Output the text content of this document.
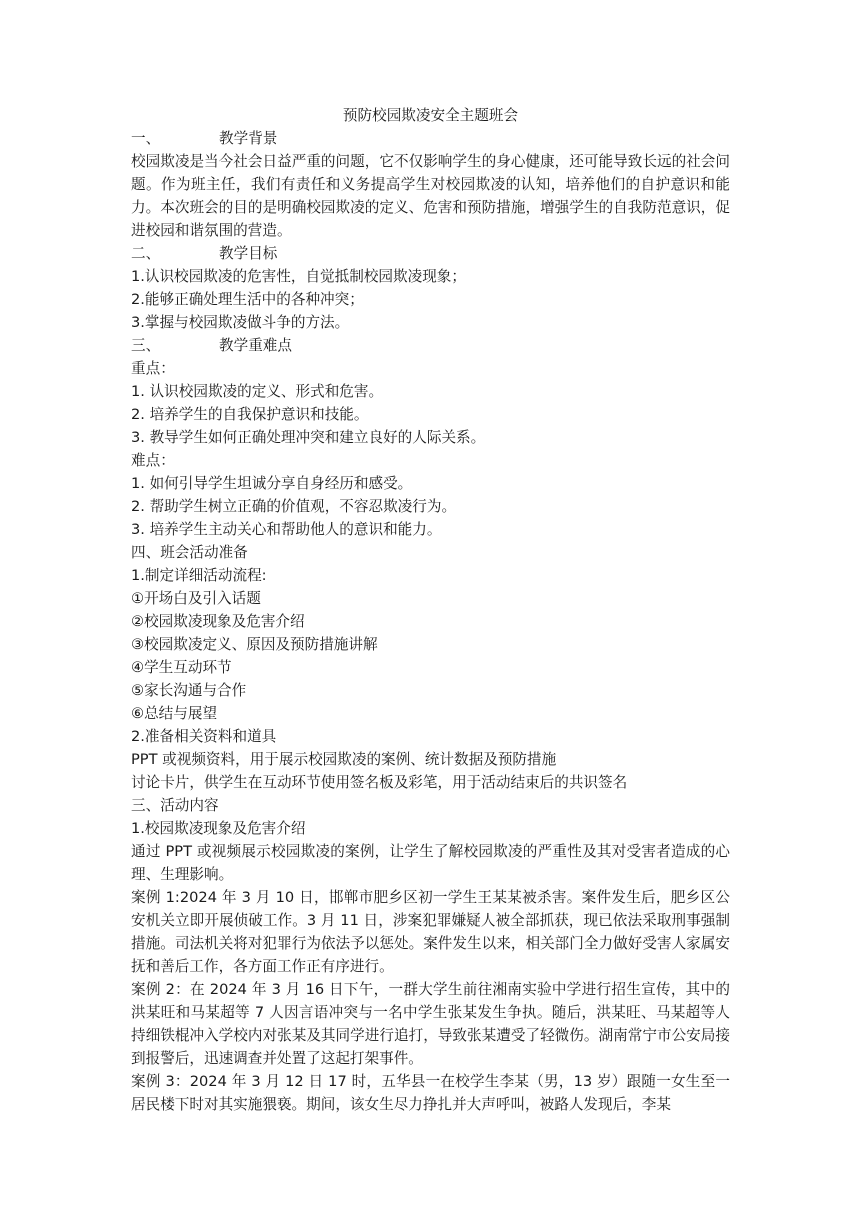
预防校园欺凌安全主题班会
一、	教学背景
校园欺凌是当今社会日益严重的问题，它不仅影响学生的身心健康，还可能导致长远的社会问题。作为班主任，我们有责任和义务提高学生对校园欺凌的认知，培养他们的自护意识和能力。本次班会的目的是明确校园欺凌的定义、危害和预防措施，增强学生的自我防范意识，促进校园和谐氛围的营造。
二、	教学目标
1.认识校园欺凌的危害性，自觉抵制校园欺凌现象；
2.能够正确处理生活中的各种冲突；
3.掌握与校园欺凌做斗争的方法。
三、	教学重难点
重点：
1. 认识校园欺凌的定义、形式和危害。
2. 培养学生的自我保护意识和技能。
3. 教导学生如何正确处理冲突和建立良好的人际关系。
难点：
1. 如何引导学生坦诚分享自身经历和感受。
2. 帮助学生树立正确的价值观，不容忍欺凌行为。
3. 培养学生主动关心和帮助他人的意识和能力。
四、班会活动准备
1.制定详细活动流程:
①开场白及引入话题
②校园欺凌现象及危害介绍
③校园欺凌定义、原因及预防措施讲解
④学生互动环节
⑤家长沟通与合作
⑥总结与展望
2.准备相关资料和道具
PPT 或视频资料，用于展示校园欺凌的案例、统计数据及预防措施
讨论卡片，供学生在互动环节使用签名板及彩笔，用于活动结束后的共识签名
三、活动内容
1.校园欺凌现象及危害介绍
通过 PPT 或视频展示校园欺凌的案例，让学生了解校园欺凌的严重性及其对受害者造成的心理、生理影响。
案例 1:2024 年 3 月 10 日，邯郸市肥乡区初一学生王某某被杀害。案件发生后，肥乡区公安机关立即开展侦破工作。3 月 11 日，涉案犯罪嫌疑人被全部抓获，现已依法采取刑事强制措施。司法机关将对犯罪行为依法予以惩处。案件发生以来，相关部门全力做好受害人家属安抚和善后工作，各方面工作正有序进行。
案例 2：在 2024 年 3 月 16 日下午，一群大学生前往湘南实验中学进行招生宣传，其中的洪某旺和马某超等 7 人因言语冲突与一名中学生张某发生争执。随后，洪某旺、马某超等人持细铁棍冲入学校内对张某及其同学进行追打，导致张某遭受了轻微伤。湖南常宁市公安局接到报警后，迅速调查并处置了这起打架事件。
案例 3：2024 年 3 月 12 日 17 时，五华县一在校学生李某（男，13 岁）跟随一女生至一居民楼下时对其实施猥亵。期间，该女生尽力挣扎并大声呼叫，被路人发现后，李某
